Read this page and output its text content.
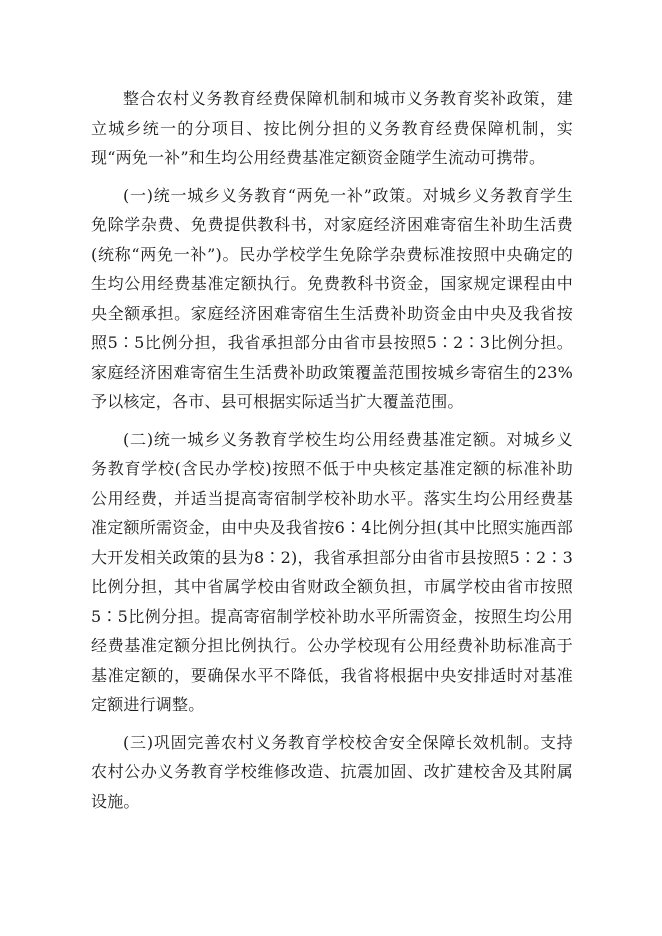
整合农村义务教育经费保障机制和城市义务教育奖补政策，建立城乡统一的分项目、按比例分担的义务教育经费保障机制，实现“两免一补”和生均公用经费基准定额资金随学生流动可携带。

(一)统一城乡义务教育“两免一补”政策。对城乡义务教育学生免除学杂费、免费提供教科书，对家庭经济困难寄宿生补助生活费(统称“两免一补”)。民办学校学生免除学杂费标准按照中央确定的生均公用经费基准定额执行。免费教科书资金，国家规定课程由中央全额承担。家庭经济困难寄宿生生活费补助资金由中央及我省按照5∶5比例分担，我省承担部分由省市县按照5∶2∶3比例分担。家庭经济困难寄宿生生活费补助政策覆盖范围按城乡寄宿生的23%予以核定，各市、县可根据实际适当扩大覆盖范围。

(二)统一城乡义务教育学校生均公用经费基准定额。对城乡义务教育学校(含民办学校)按照不低于中央核定基准定额的标准补助公用经费，并适当提高寄宿制学校补助水平。落实生均公用经费基准定额所需资金，由中央及我省按6∶4比例分担(其中比照实施西部大开发相关政策的县为8∶2)，我省承担部分由省市县按照5∶2∶3比例分担，其中省属学校由省财政全额负担，市属学校由省市按照5∶5比例分担。提高寄宿制学校补助水平所需资金，按照生均公用经费基准定额分担比例执行。公办学校现有公用经费补助标准高于基准定额的，要确保水平不降低，我省将根据中央安排适时对基准定额进行调整。

(三)巩固完善农村义务教育学校校舍安全保障长效机制。支持农村公办义务教育学校维修改造、抗震加固、改扩建校舍及其附属设施。
